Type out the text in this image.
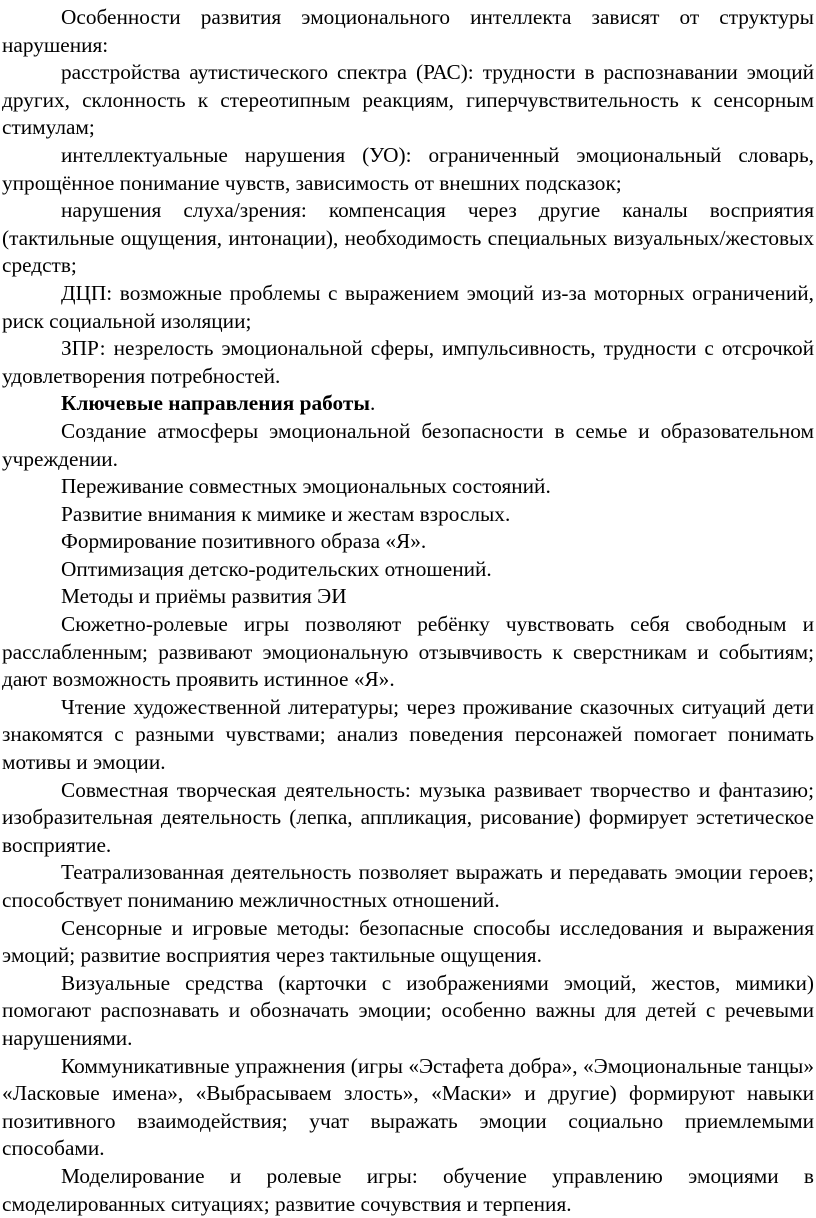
Особенности развития эмоционального интеллекта зависят от структуры нарушения:

расстройства аутистического спектра (РАС): трудности в распознавании эмоций других, склонность к стереотипным реакциям, гиперчувствительность к сенсорным стимулам;

интеллектуальные нарушения (УО): ограниченный эмоциональный словарь, упрощённое понимание чувств, зависимость от внешних подсказок;

нарушения слуха/зрения: компенсация через другие каналы восприятия (тактильные ощущения, интонации), необходимость специальных визуальных/жестовых средств;

ДЦП: возможные проблемы с выражением эмоций из-за моторных ограничений, риск социальной изоляции;

ЗПР: незрелость эмоциональной сферы, импульсивность, трудности с отсрочкой удовлетворения потребностей.

Ключевые направления работы.

Создание атмосферы эмоциональной безопасности в семье и образовательном учреждении.

Переживание совместных эмоциональных состояний.

Развитие внимания к мимике и жестам взрослых.

Формирование позитивного образа «Я».

Оптимизация детско-родительских отношений.

Методы и приёмы развития ЭИ

Сюжетно-ролевые игры позволяют ребёнку чувствовать себя свободным и расслабленным; развивают эмоциональную отзывчивость к сверстникам и событиям; дают возможность проявить истинное «Я».

Чтение художественной литературы; через проживание сказочных ситуаций дети знакомятся с разными чувствами; анализ поведения персонажей помогает понимать мотивы и эмоции.

Совместная творческая деятельность: музыка развивает творчество и фантазию; изобразительная деятельность (лепка, аппликация, рисование) формирует эстетическое восприятие.

Театрализованная деятельность позволяет выражать и передавать эмоции героев; способствует пониманию межличностных отношений.

Сенсорные и игровые методы: безопасные способы исследования и выражения эмоций; развитие восприятия через тактильные ощущения.

Визуальные средства (карточки с изображениями эмоций, жестов, мимики) помогают распознавать и обозначать эмоции; особенно важны для детей с речевыми нарушениями.

Коммуникативные упражнения (игры «Эстафета добра», «Эмоциональные танцы» «Ласковые имена», «Выбрасываем злость», «Маски» и другие) формируют навыки позитивного взаимодействия; учат выражать эмоции социально приемлемыми способами.

Моделирование и ролевые игры: обучение управлению эмоциями в смоделированных ситуациях; развитие сочувствия и терпения.
